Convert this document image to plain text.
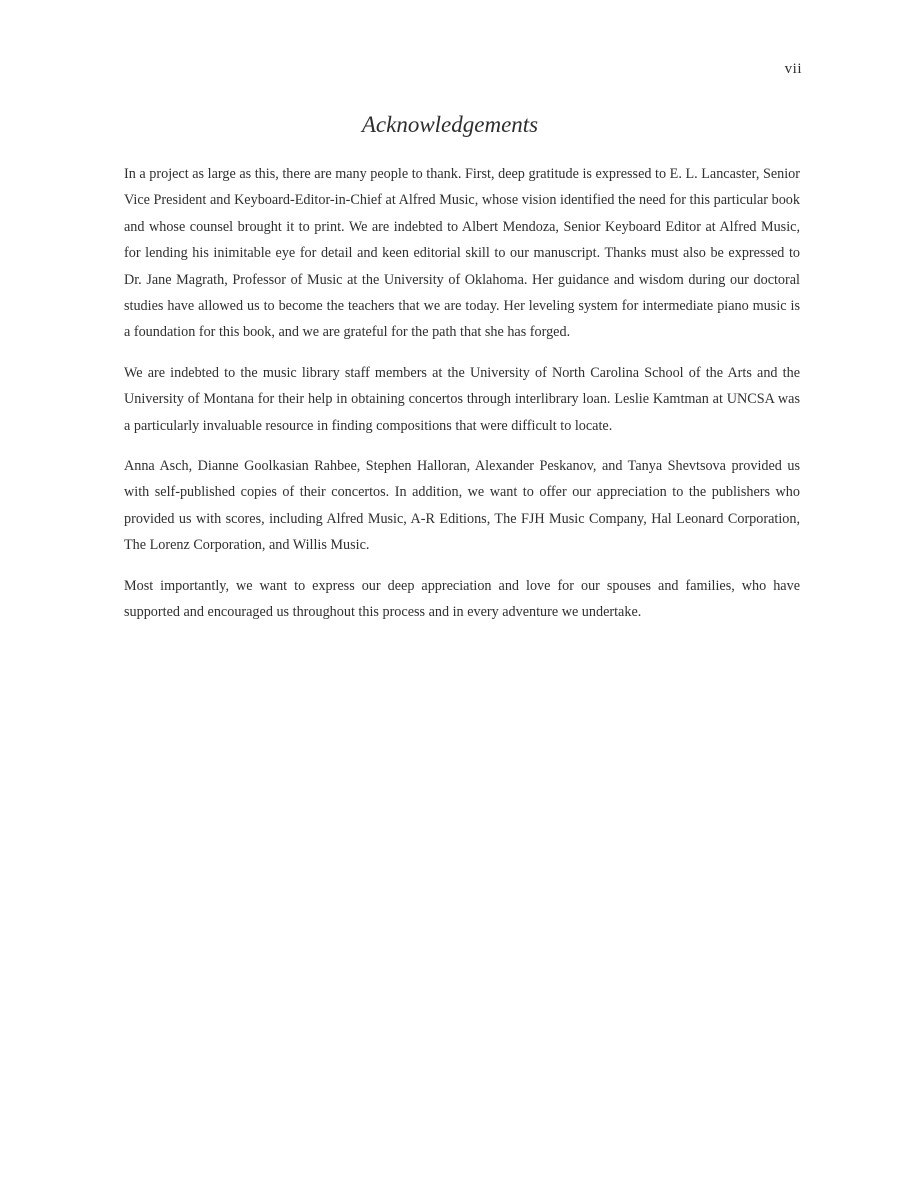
vii
Acknowledgements

In a project as large as this, there are many people to thank. First, deep gratitude is expressed to E. L. Lancaster, Senior Vice President and Keyboard-Editor-in-Chief at Alfred Music, whose vision identified the need for this particular book and whose counsel brought it to print. We are indebted to Albert Mendoza, Senior Keyboard Editor at Alfred Music, for lending his inimitable eye for detail and keen editorial skill to our manuscript. Thanks must also be expressed to Dr. Jane Magrath, Professor of Music at the University of Oklahoma. Her guidance and wisdom during our doctoral studies have allowed us to become the teachers that we are today. Her leveling system for intermediate piano music is a foundation for this book, and we are grateful for the path that she has forged.

We are indebted to the music library staff members at the University of North Carolina School of the Arts and the University of Montana for their help in obtaining concertos through interlibrary loan. Leslie Kamtman at UNCSA was a particularly invaluable resource in finding compositions that were difficult to locate.

Anna Asch, Dianne Goolkasian Rahbee, Stephen Halloran, Alexander Peskanov, and Tanya Shevtsova provided us with self-published copies of their concertos. In addition, we want to offer our appreciation to the publishers who provided us with scores, including Alfred Music, A-R Editions, The FJH Music Company, Hal Leonard Corporation, The Lorenz Corporation, and Willis Music.

Most importantly, we want to express our deep appreciation and love for our spouses and families, who have supported and encouraged us throughout this process and in every adventure we undertake.
